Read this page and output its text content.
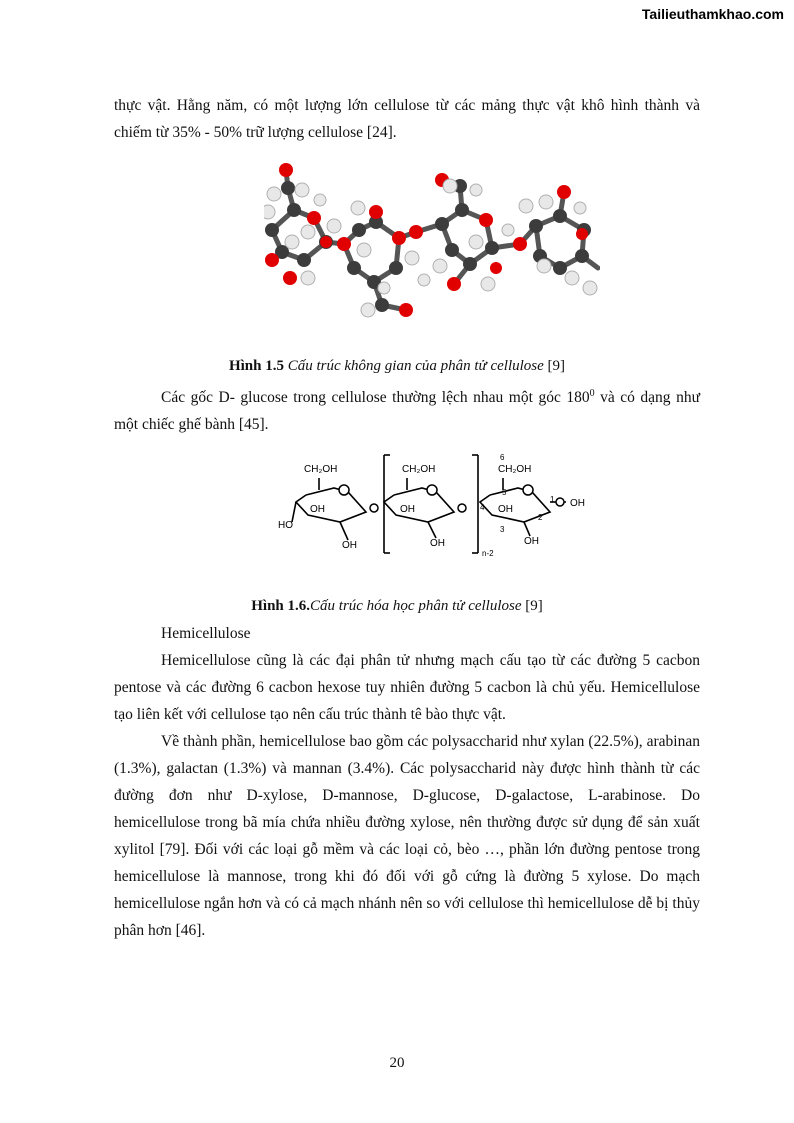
Tailieuthamkhao.com

thực vật. Hằng năm, có một lượng lớn cellulose từ các mảng thực vật khô hình thành và chiếm từ 35% - 50% trữ lượng cellulose [24].

Hình 1.5 Cấu trúc không gian của phân tử cellulose [9]

Các gốc D- glucose trong cellulose thường lệch nhau một góc $180^0$ và có dạng như một chiếc ghế bành [45].

CH₂OH	CH₂OH	CH₂OH
6
5
4
3
2
1
OH
HO
OH
OH
OH
OH
OH
OH
n-2
Hình 1.6.Cấu trúc hóa học phân tử cellulose [9]

Hemicellulose

Hemicellulose cũng là các đại phân tử nhưng mạch cấu tạo từ các đường 5 cacbon pentose và các đường 6 cacbon hexose tuy nhiên đường 5 cacbon là chủ yếu. Hemicellulose tạo liên kết với cellulose tạo nên cấu trúc thành tê bào thực vật.

Về thành phần, hemicellulose bao gồm các polysaccharid như xylan (22.5%), arabinan (1.3%), galactan (1.3%) và mannan (3.4%). Các polysaccharid này được hình thành từ các đường đơn như D-xylose, D-mannose, D-glucose, D-galactose, L-arabinose. Do hemicellulose trong bã mía chứa nhiều đường xylose, nên thường được sử dụng để sản xuất xylitol [79]. Đối với các loại gỗ mềm và các loại cỏ, bèo …, phần lớn đường pentose trong hemicellulose là mannose, trong khi đó đối với gỗ cứng là đường 5 xylose. Do mạch hemicellulose ngắn hơn và có cả mạch nhánh nên so với cellulose thì hemicellulose dễ bị thủy phân hơn [46].

20
